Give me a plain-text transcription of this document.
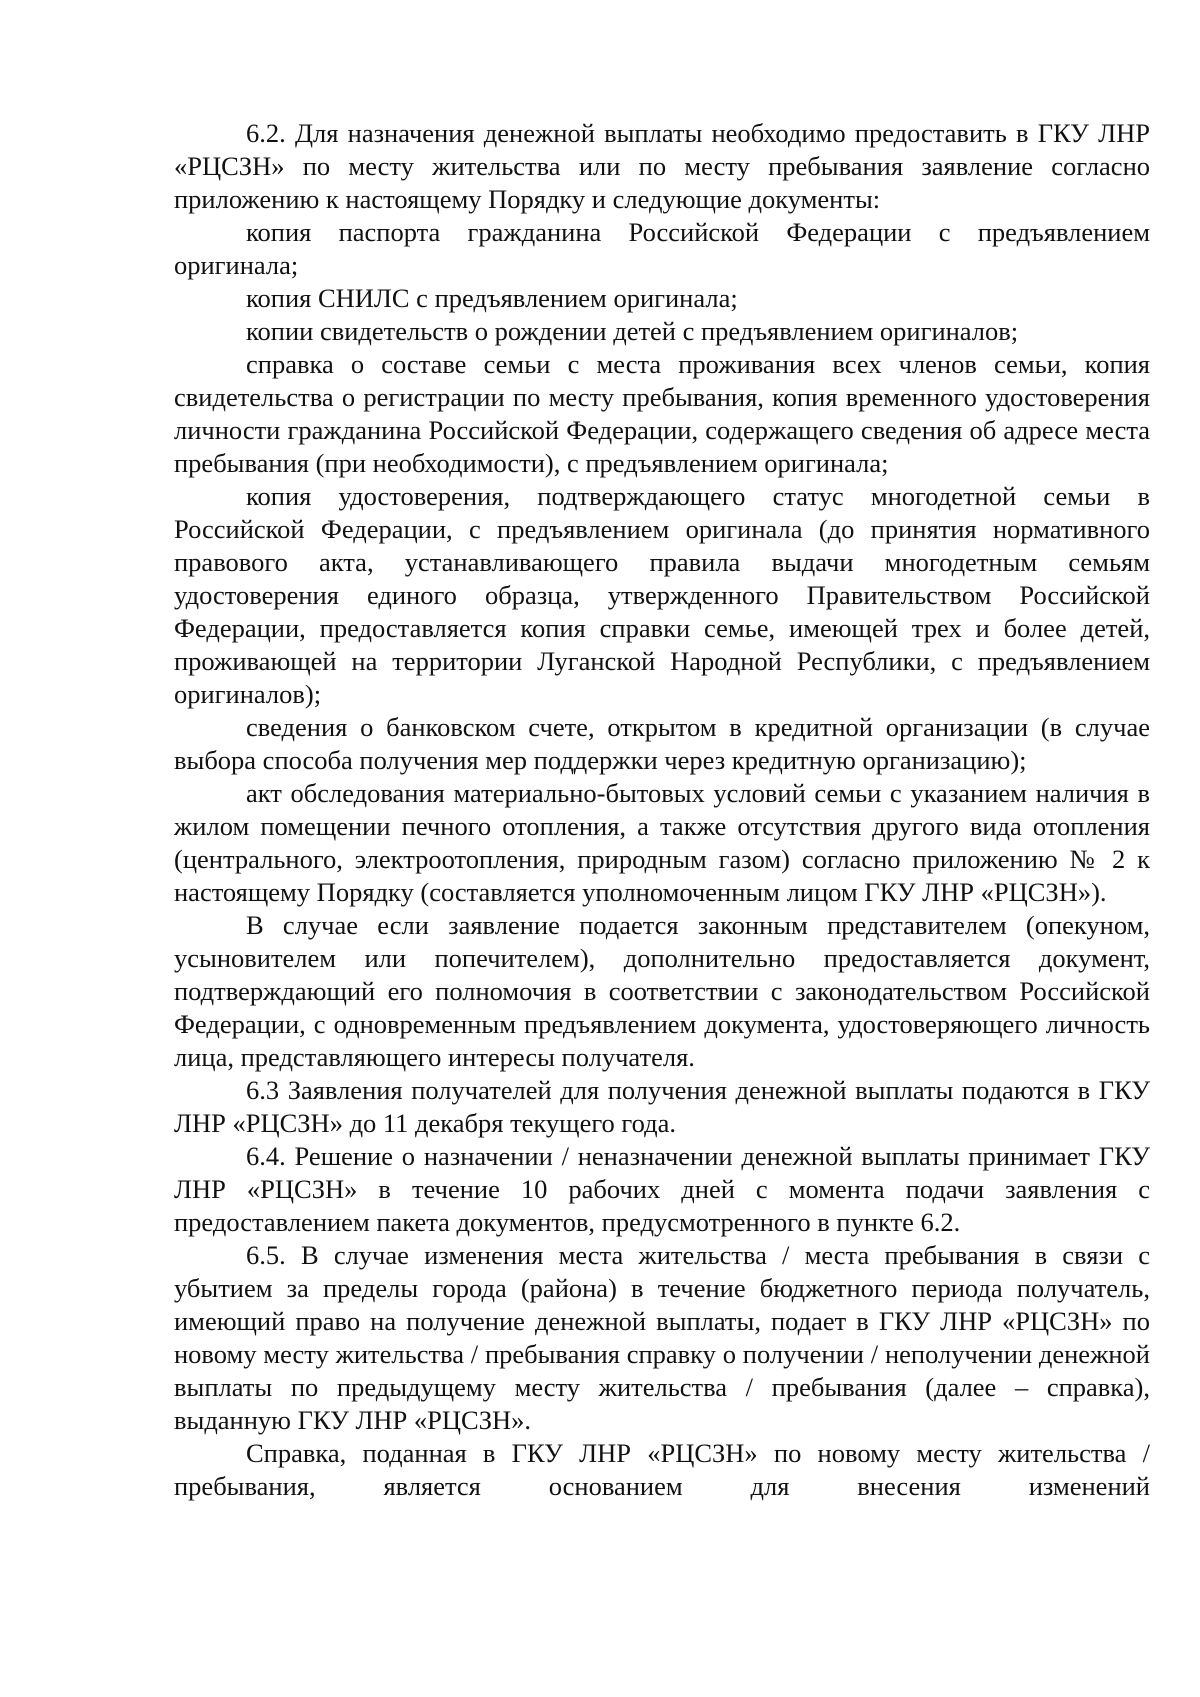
6.2. Для назначения денежной выплаты необходимо предоставить в ГКУ ЛНР «РЦСЗН» по месту жительства или по месту пребывания заявление согласно приложению к настоящему Порядку и следующие документы:

копия паспорта гражданина Российской Федерации с предъявлением оригинала;

копия СНИЛС с предъявлением оригинала;

копии свидетельств о рождении детей с предъявлением оригиналов;

справка о составе семьи с места проживания всех членов семьи, копия свидетельства о регистрации по месту пребывания, копия временного удостоверения личности гражданина Российской Федерации, содержащего сведения об адресе места пребывания (при необходимости), с предъявлением оригинала;

копия удостоверения, подтверждающего статус многодетной семьи в Российской Федерации, с предъявлением оригинала (до принятия нормативного правового акта, устанавливающего правила выдачи многодетным семьям удостоверения единого образца, утвержденного Правительством Российской Федерации, предоставляется копия справки семье, имеющей трех и более детей, проживающей на территории Луганской Народной Республики, с предъявлением оригиналов);

сведения о банковском счете, открытом в кредитной организации (в случае выбора способа получения мер поддержки через кредитную организацию);

акт обследования материально-бытовых условий семьи с указанием наличия в жилом помещении печного отопления, а также отсутствия другого вида отопления (центрального, электроотопления, природным газом) согласно приложению № 2 к настоящему Порядку (составляется уполномоченным лицом ГКУ ЛНР «РЦСЗН»).

В случае если заявление подается законным представителем (опекуном, усыновителем или попечителем), дополнительно предоставляется документ, подтверждающий его полномочия в соответствии с законодательством Российской Федерации, с одновременным предъявлением документа, удостоверяющего личность лица, представляющего интересы получателя.

6.3 Заявления получателей для получения денежной выплаты подаются в ГКУ ЛНР «РЦСЗН» до 11 декабря текущего года.

6.4. Решение о назначении / неназначении денежной выплаты принимает ГКУ ЛНР «РЦСЗН» в течение 10 рабочих дней с момента подачи заявления с предоставлением пакета документов, предусмотренного в пункте 6.2.

6.5. В случае изменения места жительства / места пребывания в связи с убытием за пределы города (района) в течение бюджетного периода получатель, имеющий право на получение денежной выплаты, подает в ГКУ ЛНР «РЦСЗН» по новому месту жительства / пребывания справку о получении / неполучении денежной выплаты по предыдущему месту жительства / пребывания (далее – справка), выданную ГКУ ЛНР «РЦСЗН».

Справка, поданная в ГКУ ЛНР «РЦСЗН» по новому месту жительства / пребывания, является основанием для внесения изменений
